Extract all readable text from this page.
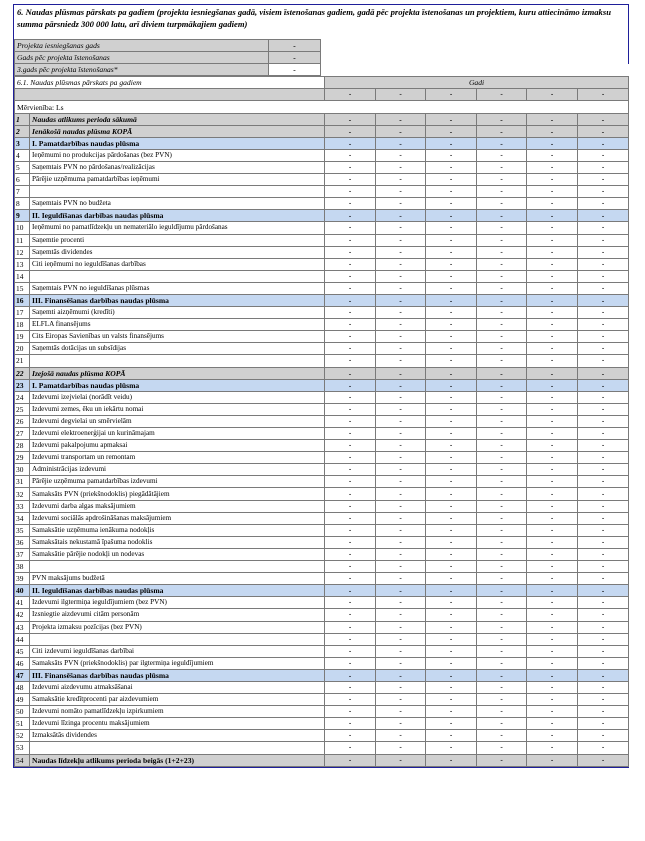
6. Naudas plūsmas pārskats pa gadiem (projekta iesniegšanas gadā, visiem īstenošanas gadiem, gadā pēc projekta īstenošanas un projektiem, kuru attiecināmo izmaksu summa pārsniedz 300 000 latu, arī diviem turpmākajiem gadiem)
Projekta iesniegšanas gads	-	
Gads pēc projekta īstenošanas	-	
3.gads pēc projekta īstenošanas*	-	
6.1. Naudas plūsmas pārskats pa gadiem		Gadi					
		-	-	-	-	-	-
Mērvienība: Ls							
1	Naudas atlikums perioda sākumā	-	-	-	-	-	-
2	Ienākošā naudas plūsma KOPĀ	-	-	-	-	-	-
3	I. Pamatdarbības naudas plūsma	-	-	-	-	-	-
4	Ieņēmumi no produkcijas pārdošanas (bez PVN)	-	-	-	-	-	-
5	Saņemtais PVN no pārdošanas/realizācijas	-	-	-	-	-	-
6	Pārējie uzņēmuma pamatdarbības ieņēmumi	-	-	-	-	-	-
7		-	-	-	-	-	-
8	Saņemtais PVN no budžeta	-	-	-	-	-	-
9	II. Ieguldīšanas darbības naudas plūsma	-	-	-	-	-	-
10	Ieņēmumi no pamatlīdzekļu un nemateriālo ieguldījumu pārdošanas	-	-	-	-	-	-
11	Saņemtie procenti	-	-	-	-	-	-
12	Saņemtās dividendes	-	-	-	-	-	-
13	Citi ieņēmumi no ieguldīšanas darbības	-	-	-	-	-	-
14		-	-	-	-	-	-
15	Saņemtais PVN no ieguldīšanas plūsmas	-	-	-	-	-	-
16	III. Finansēšanas darbības naudas plūsma	-	-	-	-	-	-
17	Saņemti aizņēmumi (kredīti)	-	-	-	-	-	-
18	ELFLA finansējums	-	-	-	-	-	-
19	Cits Eiropas Savienības un valsts finansējums	-	-	-	-	-	-
20	Saņemtās dotācijas un subsīdijas	-	-	-	-	-	-
21		-	-	-	-	-	-
22	Izejošā naudas plūsma KOPĀ	-	-	-	-	-	-
23	I. Pamatdarbības naudas plūsma	-	-	-	-	-	-
24	Izdevumi izejvielai (norādīt veidu)	-	-	-	-	-	-
25	Izdevumi zemes, ēku un iekārtu nomai	-	-	-	-	-	-
26	Izdevumi degvielai un smērvielām	-	-	-	-	-	-
27	Izdevumi elektroenerģijai un kurināmajam	-	-	-	-	-	-
28	Izdevumi pakalpojumu apmaksai	-	-	-	-	-	-
29	Izdevumi transportam un remontam	-	-	-	-	-	-
30	Administrācijas izdevumi	-	-	-	-	-	-
31	Pārējie uzņēmuma pamatdarbības izdevumi	-	-	-	-	-	-
32	Samaksāts PVN (priekšnodoklis) piegādātājiem	-	-	-	-	-	-
33	Izdevumi darba algas maksājumiem	-	-	-	-	-	-
34	Izdevumi sociālās apdrošināšanas maksājumiem	-	-	-	-	-	-
35	Samaksātie uzņēmuma ienākuma nodokļis	-	-	-	-	-	-
36	Samaksātais nekustamā īpašuma nodoklis	-	-	-	-	-	-
37	Samaksātie pārējie nodokļi un nodevas	-	-	-	-	-	-
38		-	-	-	-	-	-
39	PVN maksājums budžetā	-	-	-	-	-	-
40	II. Ieguldīšanas darbības naudas plūsma	-	-	-	-	-	-
41	Izdevumi ilgtermiņa ieguldījumiem (bez PVN)	-	-	-	-	-	-
42	Izsniegtie aizdevumi citām personām	-	-	-	-	-	-
43	Projekta izmaksu pozīcijas (bez PVN)	-	-	-	-	-	-
44		-	-	-	-	-	-
45	Citi izdevumi ieguldīšanas darbībai	-	-	-	-	-	-
46	Samaksāts PVN (priekšnodoklis) par ilgtermiņa ieguldījumiem	-	-	-	-	-	-
47	III. Finansēšanas darbības naudas plūsma	-	-	-	-	-	-
48	Izdevumi aizdevumu atmaksāšanai	-	-	-	-	-	-
49	Samaksātie kredītprocenti par aizdevumiem	-	-	-	-	-	-
50	Izdevumi nomāto pamatlīdzekļu izpirkumiem	-	-	-	-	-	-
51	Izdevumi līzinga procentu maksājumiem	-	-	-	-	-	-
52	Izmaksātās dividendes	-	-	-	-	-	-
53		-	-	-	-	-	-
54	Naudas līdzekļu atlikums perioda beigās (1+2+23)	-	-	-	-	-	-
